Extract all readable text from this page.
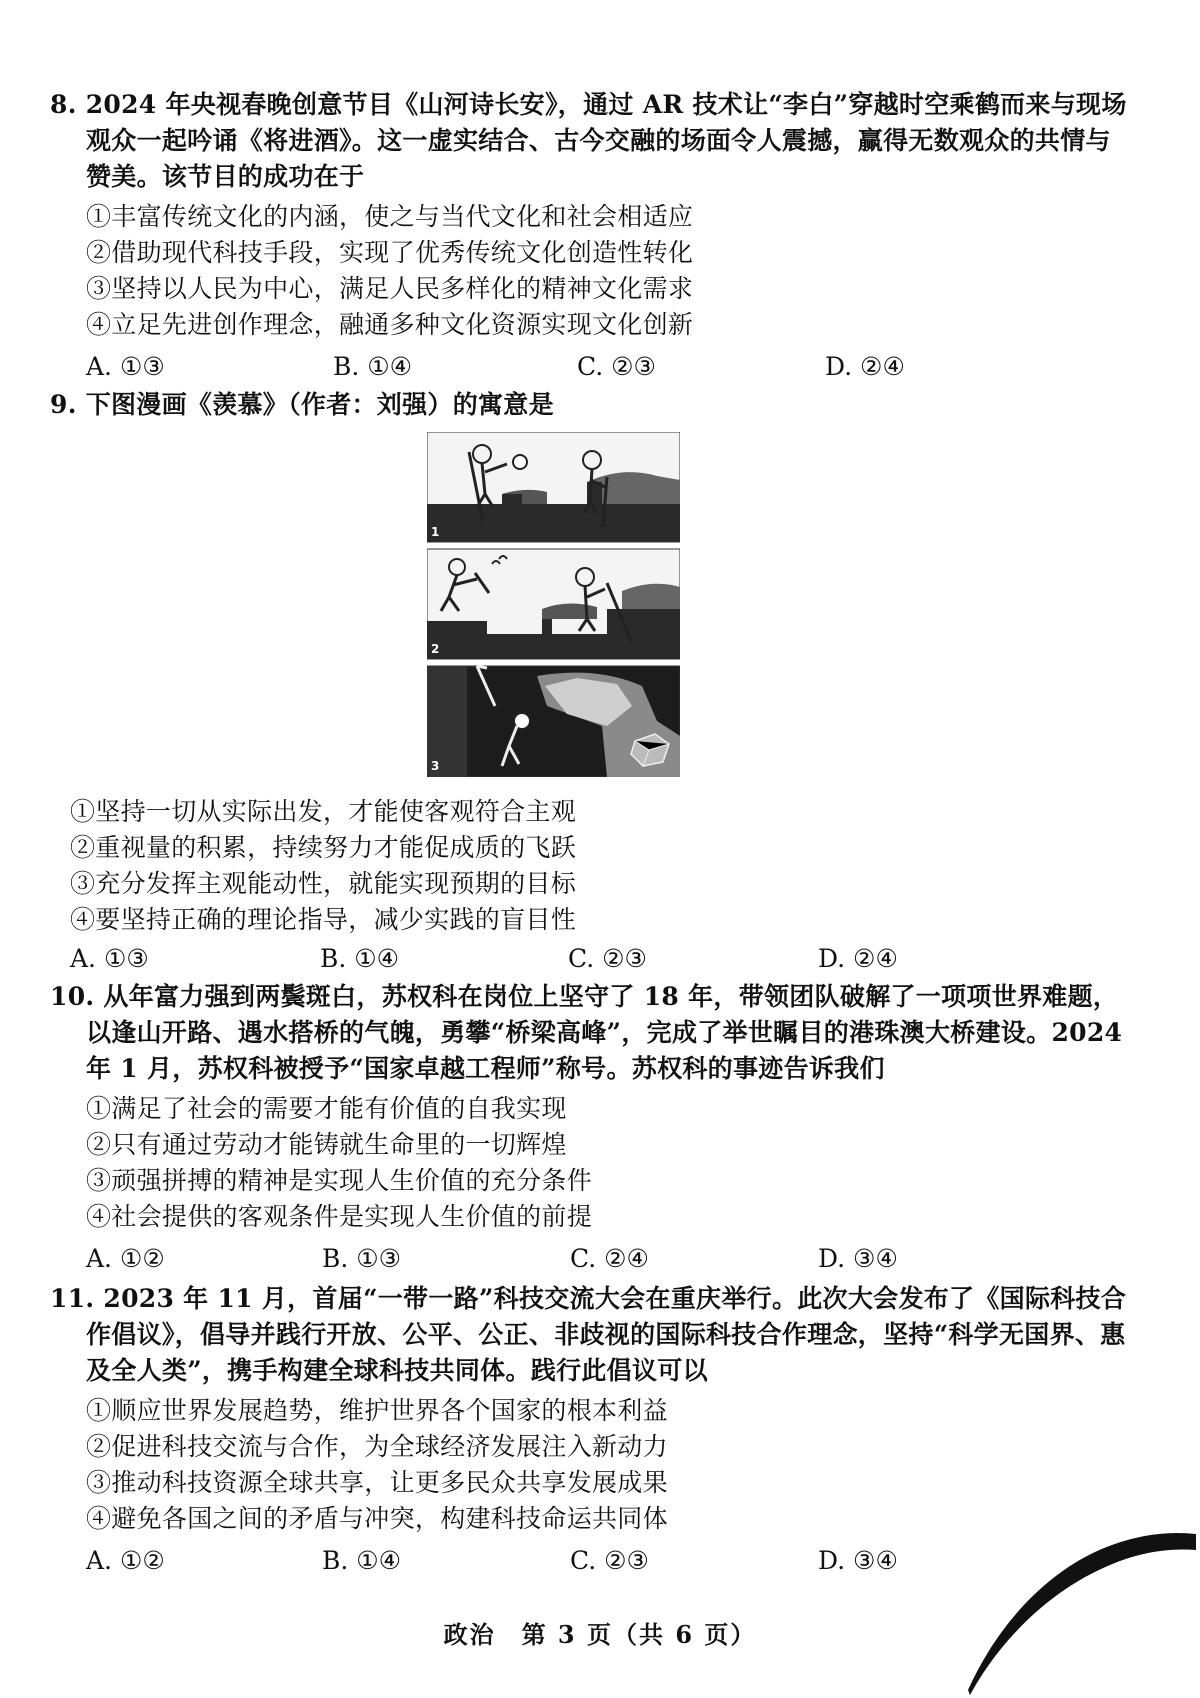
8. 2024 年央视春晚创意节目《山河诗长安》，通过 AR 技术让“李白”穿越时空乘鹤而来与现场
观众一起吟诵《将进酒》。这一虚实结合、古今交融的场面令人震撼，赢得无数观众的共情与
赞美。该节目的成功在于
①丰富传统文化的内涵，使之与当代文化和社会相适应
②借助现代科技手段，实现了优秀传统文化创造性转化
③坚持以人民为中心，满足人民多样化的精神文化需求
④立足先进创作理念，融通多种文化资源实现文化创新
A. ①③	B. ①④	C. ②③	D. ②④
9. 下图漫画《羡慕》（作者：刘强）的寓意是
1
2
3
①坚持一切从实际出发，才能使客观符合主观
②重视量的积累，持续努力才能促成质的飞跃
③充分发挥主观能动性，就能实现预期的目标
④要坚持正确的理论指导，减少实践的盲目性
A. ①③	B. ①④	C. ②③	D. ②④
10. 从年富力强到两鬓斑白，苏权科在岗位上坚守了 18 年，带领团队破解了一项项世界难题，
以逢山开路、遇水搭桥的气魄，勇攀“桥梁高峰”，完成了举世瞩目的港珠澳大桥建设。2024
年 1 月，苏权科被授予“国家卓越工程师”称号。苏权科的事迹告诉我们
①满足了社会的需要才能有价值的自我实现
②只有通过劳动才能铸就生命里的一切辉煌
③顽强拼搏的精神是实现人生价值的充分条件
④社会提供的客观条件是实现人生价值的前提
A. ①②	B. ①③	C. ②④	D. ③④
11. 2023 年 11 月，首届“一带一路”科技交流大会在重庆举行。此次大会发布了《国际科技合
作倡议》，倡导并践行开放、公平、公正、非歧视的国际科技合作理念，坚持“科学无国界、惠
及全人类”，携手构建全球科技共同体。践行此倡议可以
①顺应世界发展趋势，维护世界各个国家的根本利益
②促进科技交流与合作，为全球经济发展注入新动力
③推动科技资源全球共享，让更多民众共享发展成果
④避免各国之间的矛盾与冲突，构建科技命运共同体
A. ①②	B. ①④	C. ②③	D. ③④
政治　第 3 页（共 6 页）
